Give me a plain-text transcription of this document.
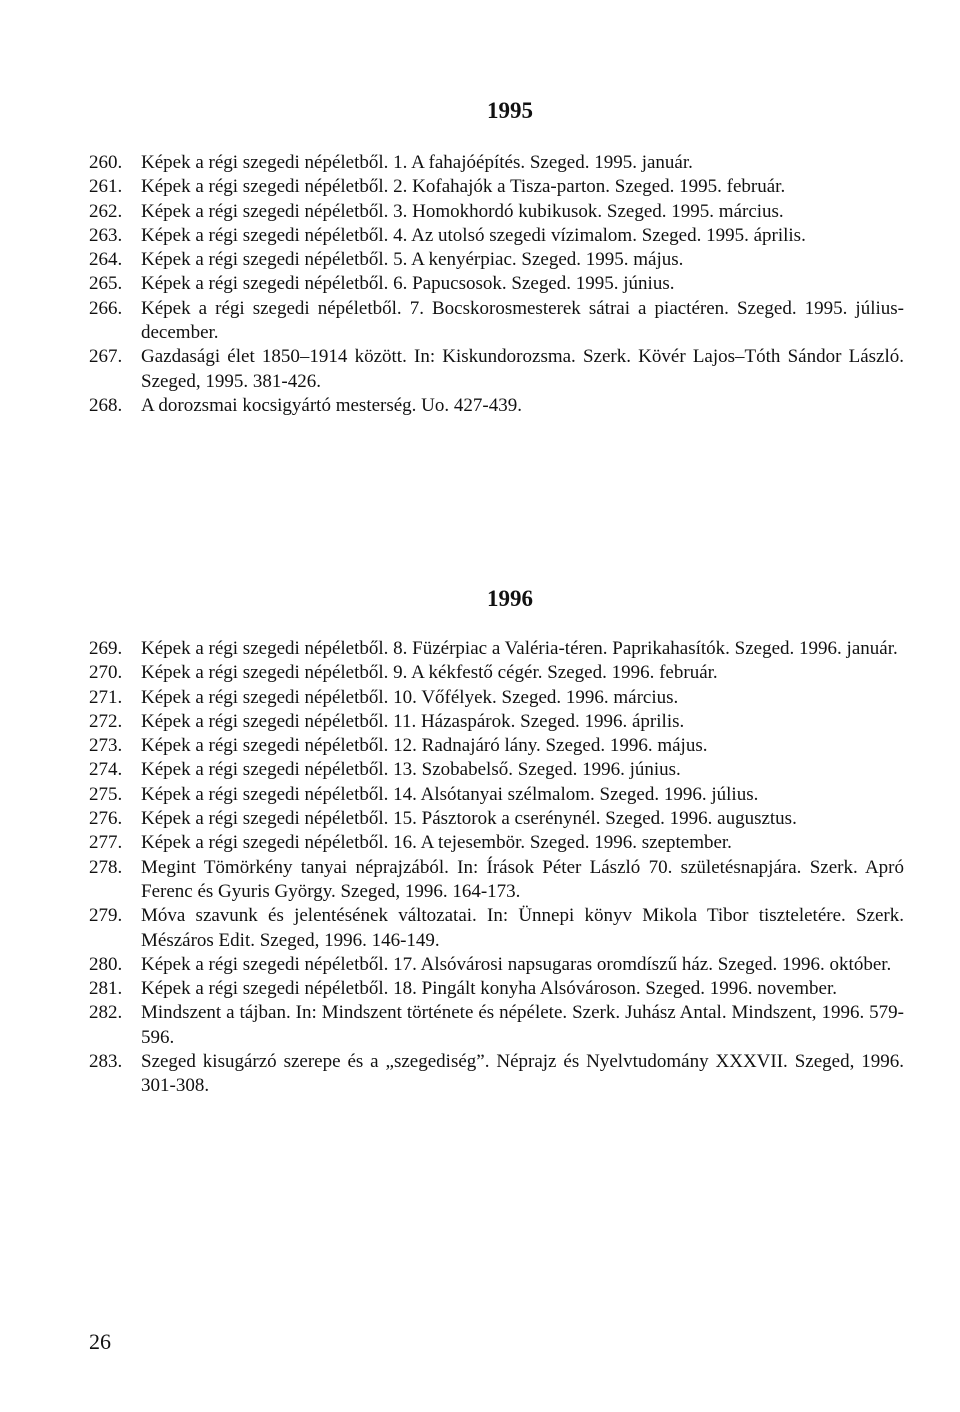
1995
260. Képek a régi szegedi népéletből. 1. A fahajóépítés. Szeged. 1995. január.
261. Képek a régi szegedi népéletből. 2. Kofahajók a Tisza-parton. Szeged. 1995. február.
262. Képek a régi szegedi népéletből. 3. Homokhordó kubikusok. Szeged. 1995. március.
263. Képek a régi szegedi népéletből. 4. Az utolsó szegedi vízimalom. Szeged. 1995. április.
264. Képek a régi szegedi népéletből. 5. A kenyérpiac. Szeged. 1995. május.
265. Képek a régi szegedi népéletből. 6. Papucsosok. Szeged. 1995. június.
266. Képek a régi szegedi népéletből. 7. Bocskorosmesterek sátrai a piactéren. Szeged. 1995. július-december.
267. Gazdasági élet 1850–1914 között. In: Kiskundorozsma. Szerk. Kövér Lajos–Tóth Sándor László. Szeged, 1995. 381-426.
268. A dorozsmai kocsigyártó mesterség. Uo. 427-439.
1996
269. Képek a régi szegedi népéletből. 8. Füzérpiac a Valéria-téren. Paprikahasítók. Szeged. 1996. január.
270. Képek a régi szegedi népéletből. 9. A kékfestő cégér. Szeged. 1996. február.
271. Képek a régi szegedi népéletből. 10. Vőfélyek. Szeged. 1996. március.
272. Képek a régi szegedi népéletből. 11. Házaspárok. Szeged. 1996. április.
273. Képek a régi szegedi népéletből. 12. Radnajáró lány. Szeged. 1996. május.
274. Képek a régi szegedi népéletből. 13. Szobabelső. Szeged. 1996. június.
275. Képek a régi szegedi népéletből. 14. Alsótanyai szélmalom. Szeged. 1996. július.
276. Képek a régi szegedi népéletből. 15. Pásztorok a cserénynél. Szeged. 1996. augusztus.
277. Képek a régi szegedi népéletből. 16. A tejesembör. Szeged. 1996. szeptember.
278. Megint Tömörkény tanyai néprajzából. In: Írások Péter László 70. születésnapjára. Szerk. Apró Ferenc és Gyuris György. Szeged, 1996. 164-173.
279. Móva szavunk és jelentésének változatai. In: Ünnepi könyv Mikola Tibor tiszteletére. Szerk. Mészáros Edit. Szeged, 1996. 146-149.
280. Képek a régi szegedi népéletből. 17. Alsóvárosi napsugaras oromdíszű ház. Szeged. 1996. október.
281. Képek a régi szegedi népéletből. 18. Pingált konyha Alsóvároson. Szeged. 1996. november.
282. Mindszent a tájban. In: Mindszent története és népélete. Szerk. Juhász Antal. Mindszent, 1996. 579-596.
283. Szeged kisugárzó szerepe és a „szegediség”. Néprajz és Nyelvtudomány XXXVII. Szeged, 1996. 301-308.

26
